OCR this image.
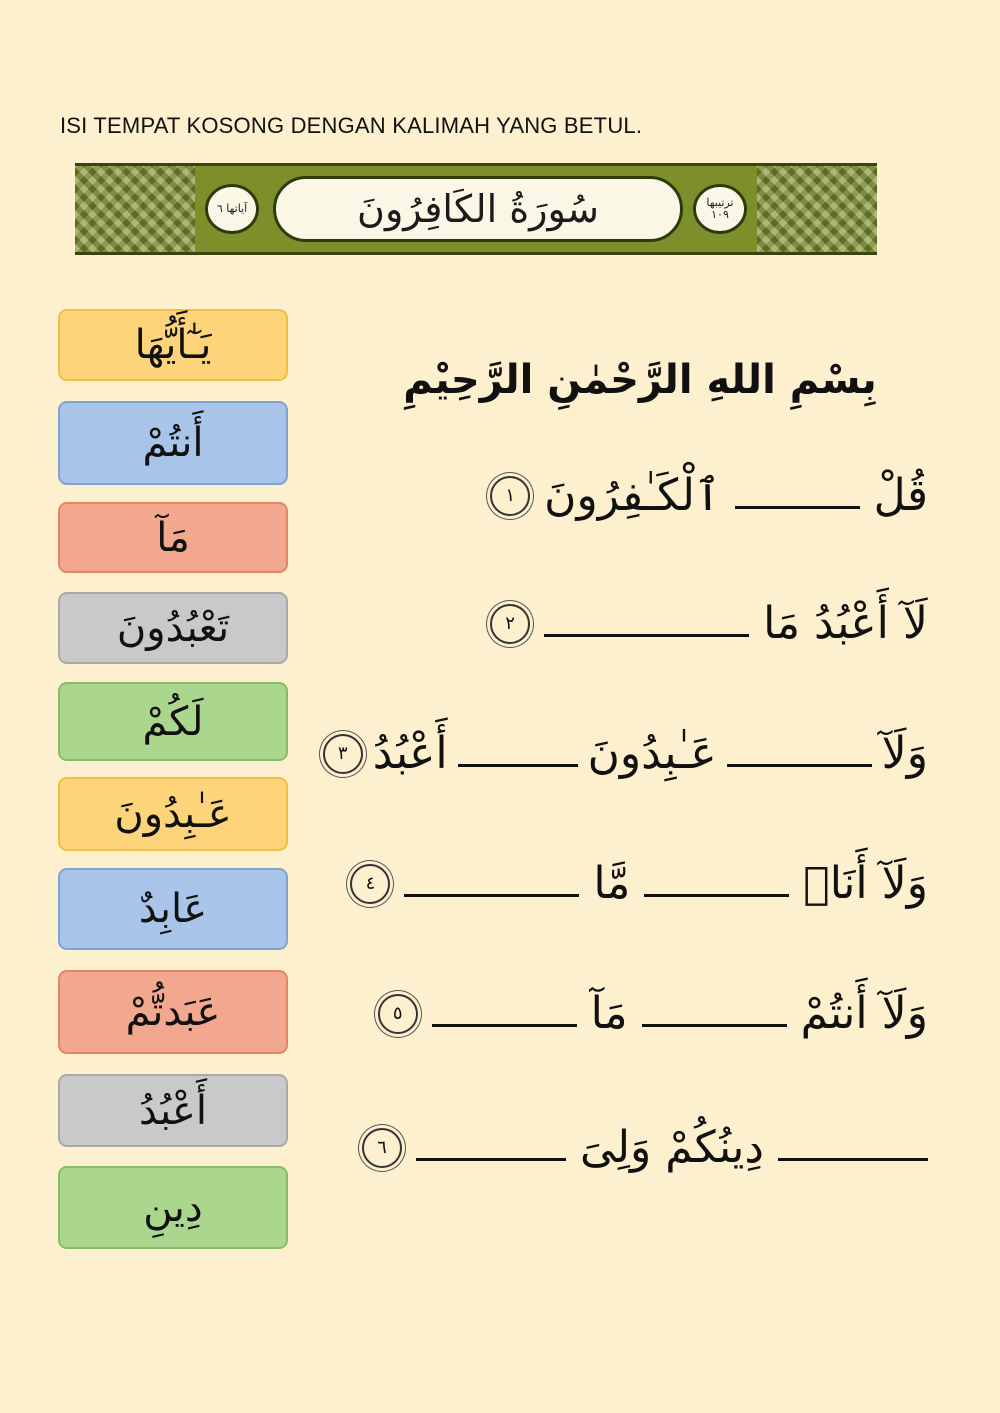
ISI TEMPAT KOSONG DENGAN KALIMAH YANG BETUL.
آياتها ٦	سُورَةُ الكَافِرُونَ	ترتيبها ١٠٩
يَـٰٓأَيُّهَا
أَنتُمْ
مَآ
تَعْبُدُونَ
لَكُمْ
عَـٰبِدُونَ
عَابِدٌ
عَبَدتُّمْ
أَعْبُدُ
دِينِ
بِسْمِ اللهِ الرَّحْمٰنِ الرَّحِيْمِ
قُلْ
ٱلْكَـٰفِرُونَ
١
لَآ
أَعْبُدُ
مَا
٢
وَلَآ
عَـٰبِدُونَ
أَعْبُدُ
٣
وَلَآ
أَنَا۠
مَّا
٤
وَلَآ
أَنتُمْ
مَآ
٥
دِينُكُمْ
وَلِىَ
٦
